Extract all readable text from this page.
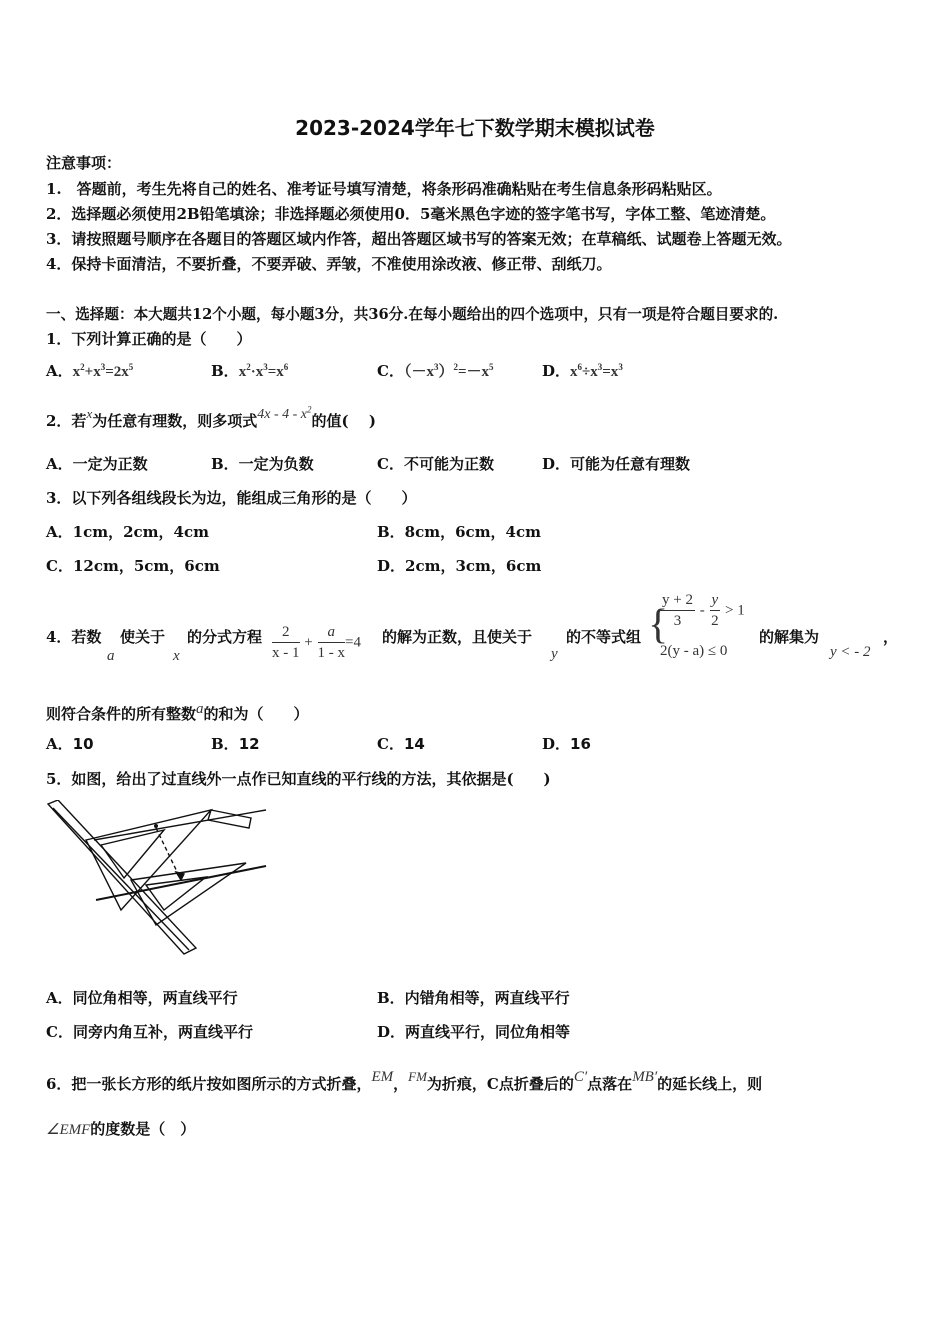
2023-2024学年七下数学期末模拟试卷
注意事项：
1.　答题前，考生先将自己的姓名、准考证号填写清楚，将条形码准确粘贴在考生信息条形码粘贴区。
2．选择题必须使用2B铅笔填涂；非选择题必须使用0．5毫米黑色字迹的签字笔书写，字体工整、笔迹清楚。
3．请按照题号顺序在各题目的答题区域内作答，超出答题区域书写的答案无效；在草稿纸、试题卷上答题无效。
4．保持卡面清洁，不要折叠，不要弄破、弄皱，不准使用涂改液、修正带、刮纸刀。
一、选择题：本大题共12个小题，每小题3分，共36分.在每小题给出的四个选项中，只有一项是符合题目要求的.
1．下列计算正确的是（　　）
A．$x^2+x^3=2x^5$	B．$x^2\cdot x^3=x^6$	C．$(-x^3)^2=-x^5$	D．$x^6\div x^3=x^3$
2．若x为任意有理数，则多项式$4x - 4 - x^2$的值(　 )
A．一定为正数	B．一定为负数	C．不可能为正数	D．可能为任意有理数
3．以下列各组线段长为边，能组成三角形的是（　　）
A．1cm，2cm，4cm	B．8cm，6cm，4cm
C．12cm，5cm，6cm	D．2cm，3cm，6cm
4．若数
a
使关于
x
的分式方程 $\frac{2}{x - 1} + \frac{a}{1 - x} =4$ 的解为正数，且使关于
y
的不等式组 {
$\frac{y + 2}{3} - \frac{y}{2} > 1$
2(y - a) ≤ 0
的解集为
y < - 2
，
则符合条件的所有整数a的和为（　　）
A．10	B．12	C．14	D．16
5．如图，给出了过直线外一点作已知直线的平行线的方法，其依据是(　　)
A．同位角相等，两直线平行	B．内错角相等，两直线平行
C．同旁内角互补，两直线平行	D．两直线平行，同位角相等
6．把一张长方形的纸片按如图所示的方式折叠，EM，FM为折痕，C点折叠后的C′点落在MB′的延长线上，则
∠EMF的度数是（　）
